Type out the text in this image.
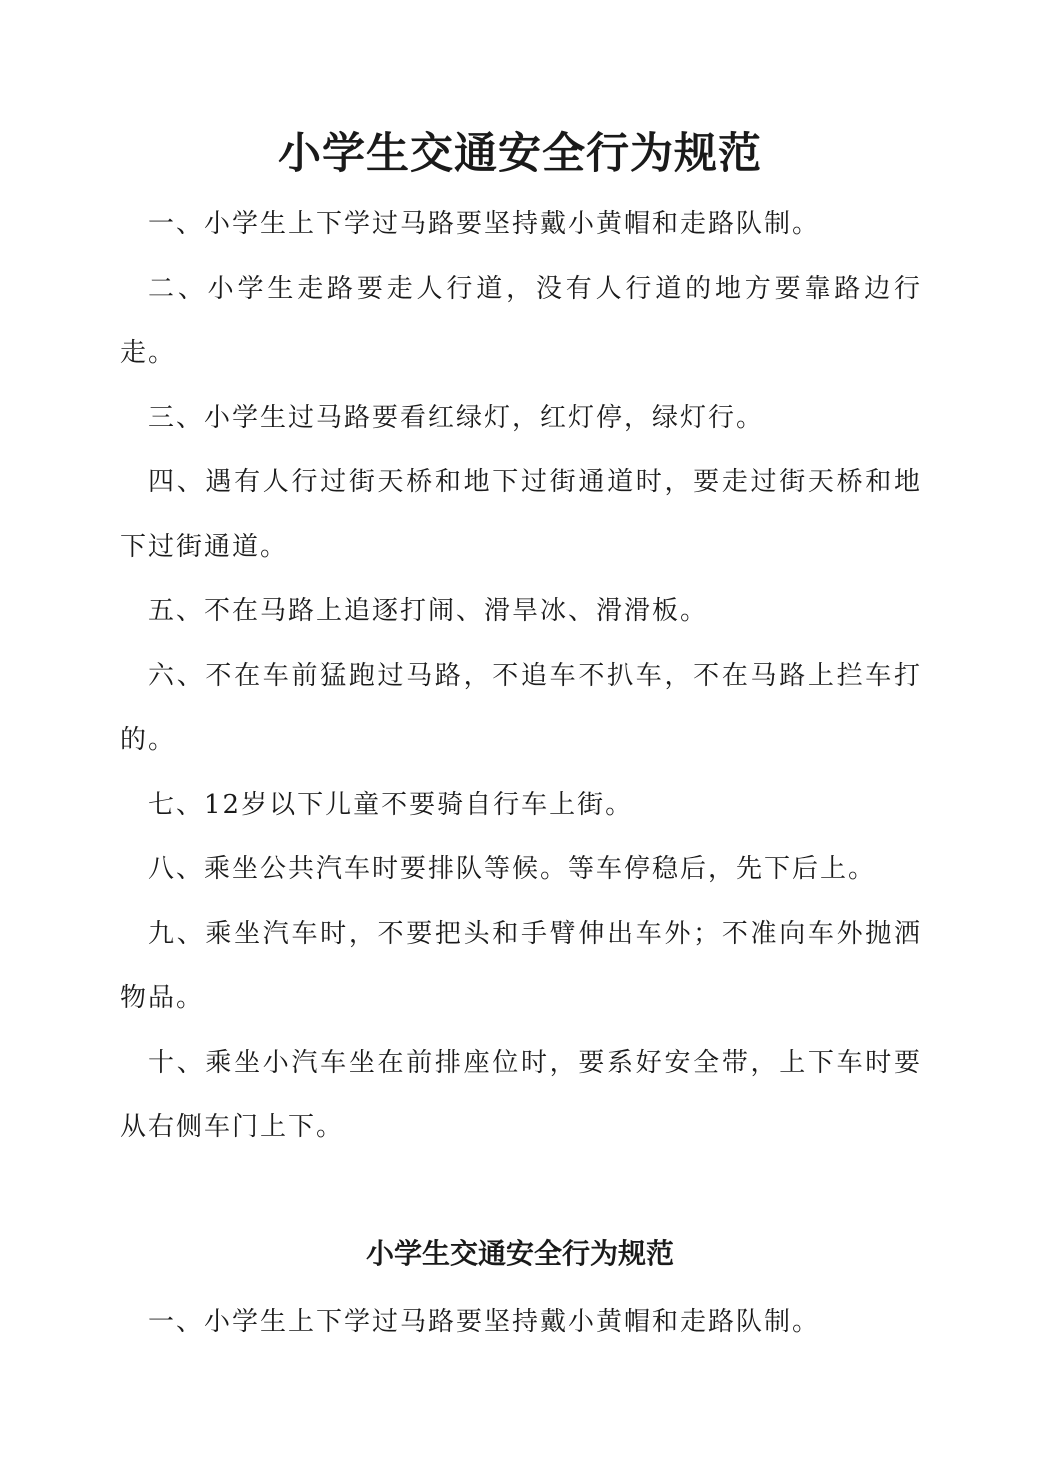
小学生交通安全行为规范

一、小学生上下学过马路要坚持戴小黄帽和走路队制。

二、小学生走路要走人行道，没有人行道的地方要靠路边行走。

三、小学生过马路要看红绿灯，红灯停，绿灯行。

四、遇有人行过街天桥和地下过街通道时，要走过街天桥和地下过街通道。

五、不在马路上追逐打闹、滑旱冰、滑滑板。

六、不在车前猛跑过马路，不追车不扒车，不在马路上拦车打的。

七、12岁以下儿童不要骑自行车上街。

八、乘坐公共汽车时要排队等候。等车停稳后，先下后上。

九、乘坐汽车时，不要把头和手臂伸出车外；不准向车外抛洒物品。

十、乘坐小汽车坐在前排座位时，要系好安全带，上下车时要从右侧车门上下。

小学生交通安全行为规范

一、小学生上下学过马路要坚持戴小黄帽和走路队制。
